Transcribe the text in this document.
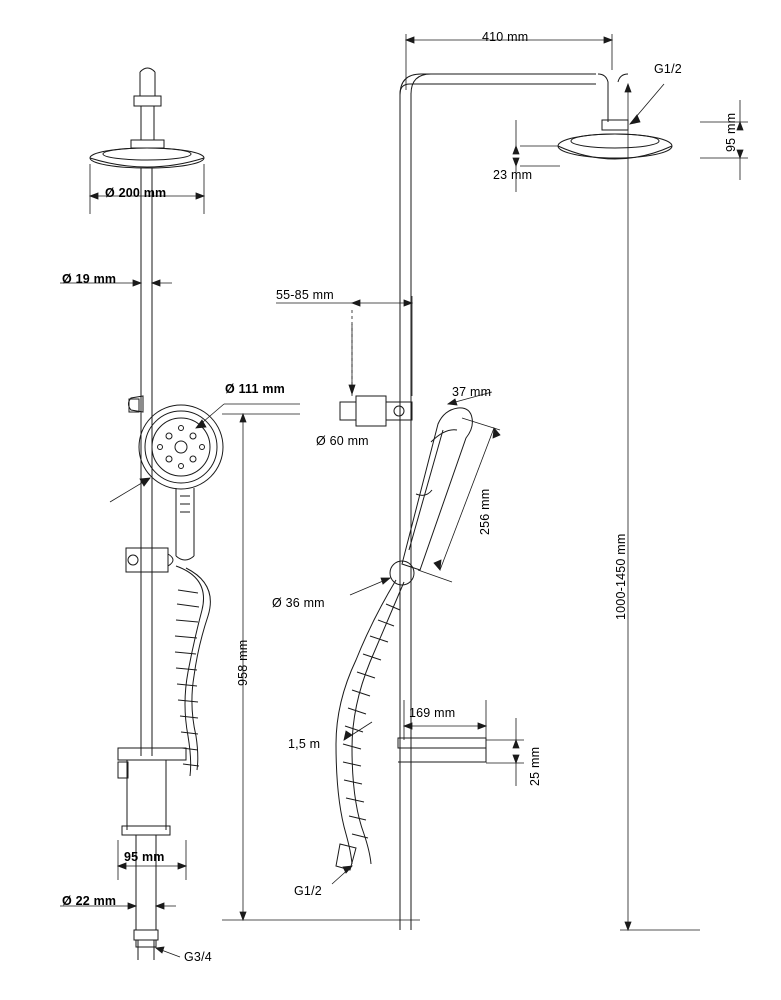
410 mm
G1/2
95 mm
23 mm
Ø 200 mm
Ø 19 mm
Ø 111 mm
55-85 mm
Ø 60 mm
37 mm
256 mm
Ø 36 mm
958 mm
1000-1450 mm
169 mm
25 mm
1,5 m
G1/2
95 mm
Ø 22 mm
G3/4
